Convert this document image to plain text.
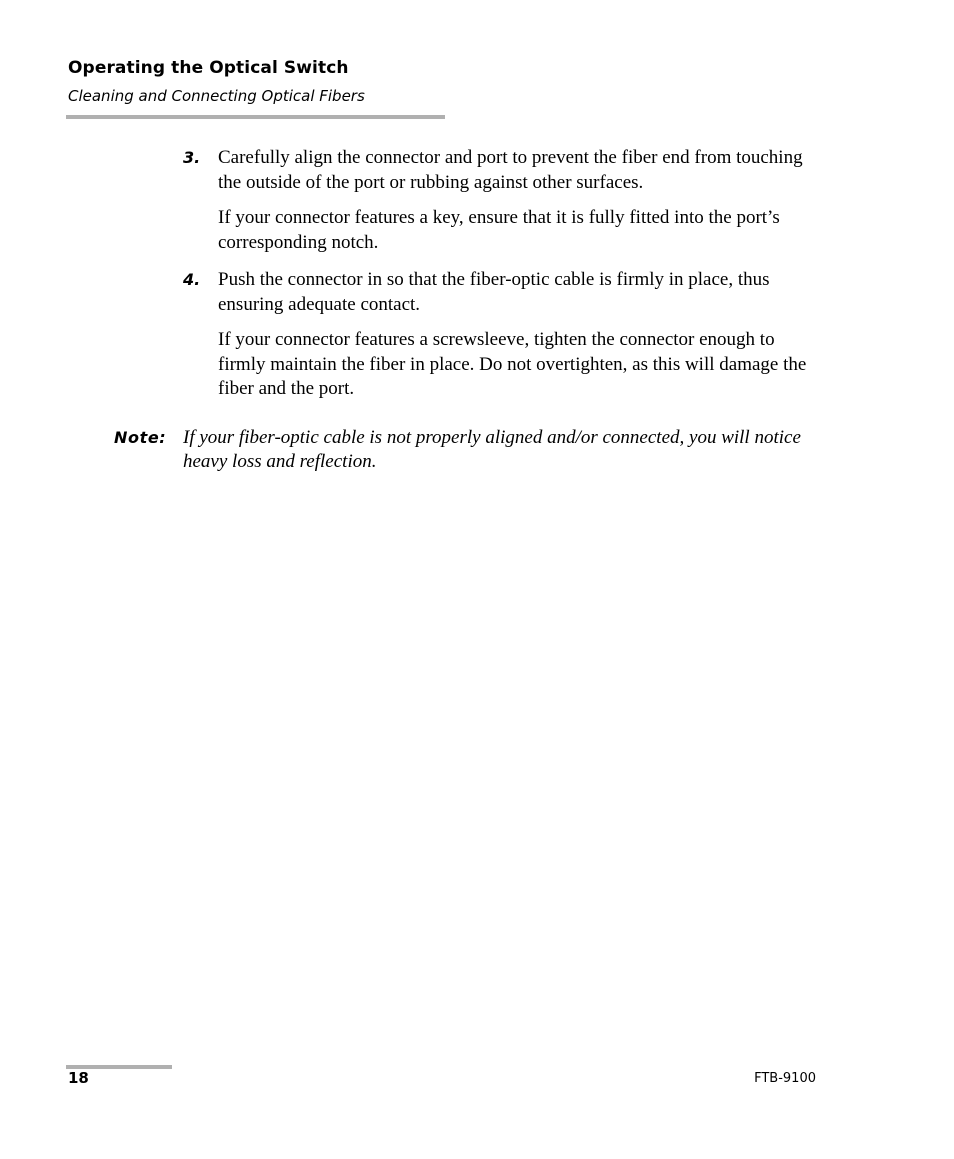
Operating the Optical Switch
Cleaning and Connecting Optical Fibers
3. Carefully align the connector and port to prevent the fiber end from touching the outside of the port or rubbing against other surfaces.

If your connector features a key, ensure that it is fully fitted into the port’s corresponding notch.

4. Push the connector in so that the fiber-optic cable is firmly in place, thus ensuring adequate contact.

If your connector features a screwsleeve, tighten the connector enough to firmly maintain the fiber in place. Do not overtighten, as this will damage the fiber and the port.

Note: If your fiber-optic cable is not properly aligned and/or connected, you will notice heavy loss and reflection.
18	FTB-9100
